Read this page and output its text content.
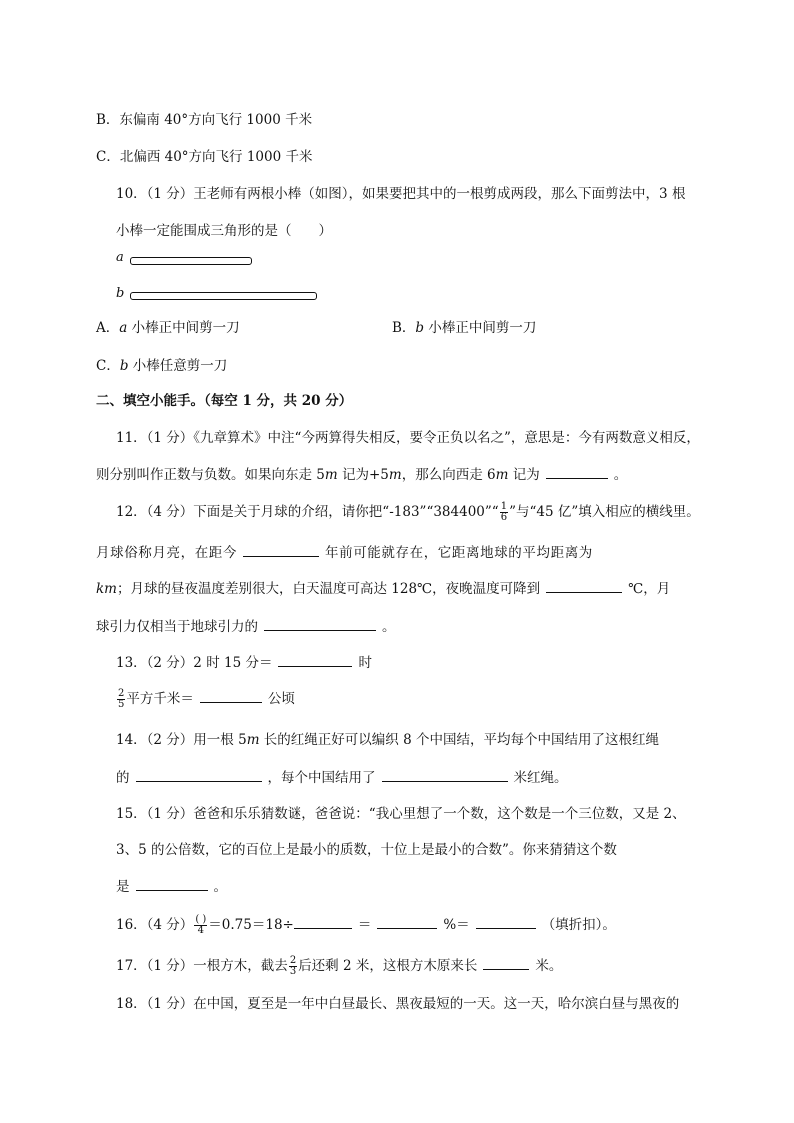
B．东偏南 40°方向飞行 1000 千米
C．北偏西 40°方向飞行 1000 千米
10．（1 分）王老师有两根小棒（如图），如果要把其中的一根剪成两段，那么下面剪法中，3 根
小棒一定能围成三角形的是（　　）
a
b
A．a 小棒正中间剪一刀	B．b 小棒正中间剪一刀
C．b 小棒任意剪一刀
二、填空小能手。（每空 1 分，共 20 分）
11．（1 分）《九章算术》中注“今两算得失相反，要令正负以名之”，意思是：今有两数意义相反，
则分别叫作正数与负数。如果向东走 5m 记为+5m，那么向西走 6m 记为	。
12．（4 分）下面是关于月球的介绍，请你把“-183”“384400”“ $\frac{1}{6}$ ”与“45 亿”填入相应的横线里。
月球俗称月亮，在距今	年前可能就存在，它距离地球的平均距离为
km；月球的昼夜温度差别很大，白天温度可高达 128℃，夜晚温度可降到	℃，月
球引力仅相当于地球引力的	。
13．（2 分）2 时 15 分＝	时
$\frac{2}{5}$ 平方千米＝	公顷
14．（2 分）用一根 5m 长的红绳正好可以编织 8 个中国结，平均每个中国结用了这根红绳
的	，每个中国结用了	米红绳。
15．（1 分）爸爸和乐乐猜数谜，爸爸说：“我心里想了一个数，这个数是一个三位数，又是 2、
3、5 的公倍数，它的百位上是最小的质数，十位上是最小的合数”。你来猜猜这个数
是	。
16．（4 分） $\frac{( )}{4} =0.75=18\div$	＝	%＝	（填折扣）。
17．（1 分）一根方木，截去 $\frac{2}{3}$ 后还剩 2 米，这根方木原来长	米。
18．（1 分）在中国，夏至是一年中白昼最长、黑夜最短的一天。这一天，哈尔滨白昼与黑夜的
